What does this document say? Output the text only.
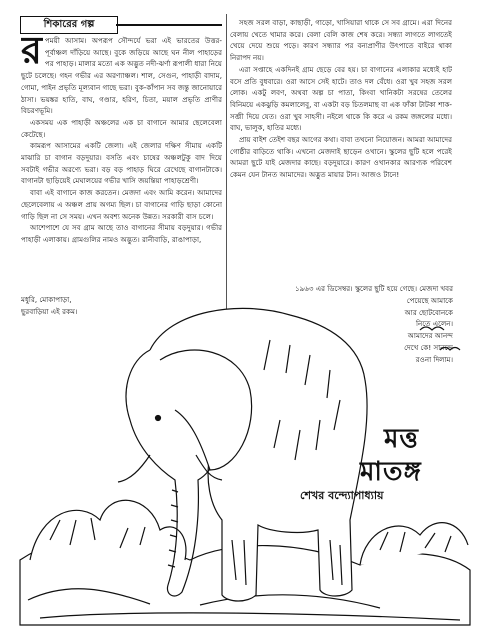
শিকারের গল্প

রপময়ী আসাম। অপরূপ সৌন্দর্যে ভরা এই ভারতের উত্তর-পূর্বাঞ্চল দাঁড়িয়ে আছে। বুকে জড়িয়ে আছে ঘন নীল পাহাড়ের পর পাহাড়। মালার মতো এক অদ্ভুত নদী-ঝর্ণা রূপালী ধারা নিয়ে ছুটে চলেছে। গহন গভীর এর অরণ্যাঞ্চল। শাল, সেগুন, পাহাড়ী বাদাম, গোমা, পাইন প্রভৃতি মূল্যবান গাছে ভরা। বুক-কাঁপান সব জন্তু জানোয়ারে ঠাসা। ভয়ঙ্কর হাতি, বাঘ, গণ্ডার, হরিণ, চিতা, ময়াল প্রভৃতি প্রাণীর বিচরণভূমি।

একসময় এক পাহাড়ী অঞ্চলের এক চা বাগানে আমার ছেলেবেলা কেটেছে।

কামরূপ আসামের একটি জেলা। এই জেলার দক্ষিণ সীমায় একটি মাঝারি চা বাগান বড়দুয়ার। বসতি এবং চাষের অঞ্চলটুকু বাদ দিয়ে সবটাই গভীর অরণ্যে ভরা। বড় বড় পাহাড় ঘিরে রেখেছে বাগানটাকে। বাগানটা ছাড়িয়েই মেঘালয়ের গভীর খাসি জয়ন্তিয়া পাহাড়শ্রেণী।

বাবা এই বাগানে কাজ করতেন। মেজদা এবং আমি করেন। আমাদের ছেলেবেলায় এ অঞ্চল প্রায় অগম্য ছিল। চা বাগানের গাড়ি ছাড়া কোনো গাড়ি ছিল না সে সময়। এখন অবশ্য অনেক উন্নত। সরকারী বাস চলে।

আশেপাশে যে সব গ্রাম আছে তাও বাগানের সীমায় বড়দুয়ার। গভীর পাহাড়ী এলাকায়। গ্রামগুলির নামও অদ্ভুত। রানীবাড়ি, রাঙাপাড়া,

মধুরি, মোকাপাড়া,

ছুরবাড়িয়া এই রকম।

সহজ সরল বাড়া, কাছাড়ী, গাড়ো, খাসিয়ারা থাকে সে সব গ্রামে। এরা দিনের বেলায় খেতে খামার করে। বেলা বেলি কাজ শেষ করে। সন্ধ্যা লাগতে লাগতেই খেয়ে দেয়ে শুয়ে পড়ে। কারণ সন্ধ্যার পর বন্যপ্রাণীর উৎপাতে বাইরে থাকা নিরাপদ নয়।

এরা সপ্তাহে একদিনই গ্রাম ছেড়ে বের হয়। চা বাগানের এলাকার মধ্যেই হাট বসে প্রতি বুধবারে। ওরা আসে সেই হাটে। তাও দল বেঁধে। ওরা খুব সহজ সরল লোক। একটু লবণ, অথবা অল্প চা পাতা, কিংবা খানিকটা সরষের তেলের বিনিময়ে একঝুড়ি কমলালেবু, বা একটা বড় চিতলমাছ বা এক ফাঁকা টাটকা শাক-সব্জী দিয়ে যেত। ওরা খুব সাহসী। নইলে থাকে কি করে এ রকম জঙ্গলের মধ্যে। বাঘ, ভালুক, হাতির মধ্যে।

প্রায় বাইশ তেইশ বছর আগের কথা। বাবা তখনো নিয়োজন। আমরা আমাদের গোষ্ঠীর বাড়িতে থাকি। এখনো মেজদাই ছাড়েন ওখানে। স্কুলের ছুটি হলে পরেই আমরা ছুটে যাই মেজদার কাছে। বড়দুয়ারে। কারণ ওখানকার আরণ্যক পরিবেশ কেমন যেন টানত আমাদের। অদ্ভুত মায়ার টান। আজও টানে!

১৯৬৩ এর ডিসেম্বর। স্কুলের ছুটি হয়ে গেছে। মেজদা খবর
পেয়েছে আমাকে আর ছোটবোনকে
নিতে এলেন। আমাদের আনন্দ
দেখে কে! সানন্দে
রওনা দিলাম।
মত্ত
মাতঙ্গ
শেখর বন্দ্যোপাধ্যায়
